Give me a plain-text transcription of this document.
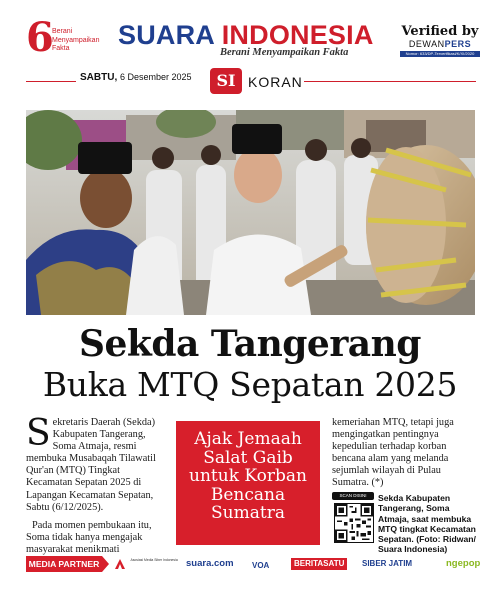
6
Berani Menyampaikan Fakta	SUARA INDONESIA
Berani Menyampaikan Fakta
Verified by
DEWANPERS
Nomor: 633/DP-Terverifikasi/K/XI/2020
SABTU, 6 Desember 2025	SI KORAN
Sekda Tangerang
Buka MTQ Sepatan 2025

Sekretaris Daerah (Sekda) Kabupaten Tangerang, Soma Atmaja, resmi membuka Musabaqah Tilawatil Qur'an (MTQ) Tingkat Kecamatan Sepatan 2025 di Lapangan Kecamatan Sepatan, Sabtu (6/12/2025).

Pada momen pembukaan itu, Soma tidak hanya mengajak masyarakat menikmati

Ajak Jemaah Salat Gaib untuk Korban Bencana Sumatra

kemeriahan MTQ, tetapi juga mengingatkan pentingnya kepedulian terhadap korban bencana alam yang melanda sejumlah wilayah di Pulau Sumatra. (*)

SCAN DISINI	Sekda Kabupaten Tangerang, Soma Atmaja, saat membuka MTQ tingkat Kecamatan Sepatan. (Foto: Ridwan/ Suara Indonesia)
MEDIA PARTNER	Asosiasi Media Siber Indonesia suara.com VOA	BERITASATU	SIBER JATIM	ngepop
